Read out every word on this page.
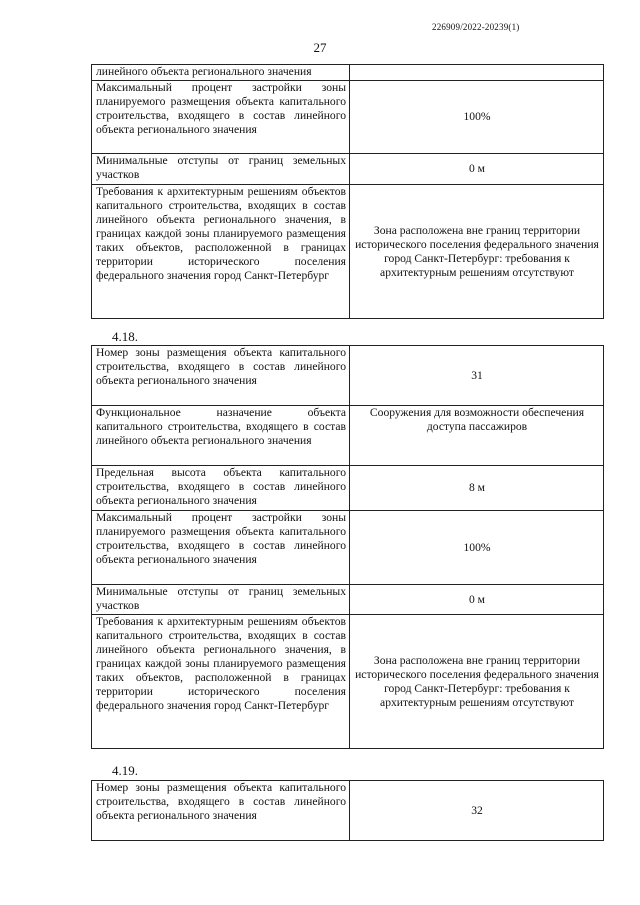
226909/2022-20239(1)
27
линейного объекта регионального значения	
Максимальный процент застройки зоны планируемого размещения объекта капитального строительства, входящего в состав линейного объекта регионального значения	100%
Минимальные отступы от границ земельных участков	0 м
Требования к архитектурным решениям объектов капитального строительства, входящих в состав линейного объекта регионального значения, в границах каждой зоны планируемого размещения таких объектов, расположенной в границах территории исторического поселения федерального значения город Санкт-Петербург	Зона расположена вне границ территории исторического поселения федерального значения город Санкт-Петербург: требования к архитектурным решениям отсутствуют
4.18.
Номер зоны размещения объекта капитального строительства, входящего в состав линейного объекта регионального значения	31
Функциональное назначение объекта капитального строительства, входящего в состав линейного объекта регионального значения	Сооружения для возможности обеспечения доступа пассажиров
Предельная высота объекта капитального строительства, входящего в состав линейного объекта регионального значения	8 м
Максимальный процент застройки зоны планируемого размещения объекта капитального строительства, входящего в состав линейного объекта регионального значения	100%
Минимальные отступы от границ земельных участков	0 м
Требования к архитектурным решениям объектов капитального строительства, входящих в состав линейного объекта регионального значения, в границах каждой зоны планируемого размещения таких объектов, расположенной в границах территории исторического поселения федерального значения город Санкт-Петербург	Зона расположена вне границ территории исторического поселения федерального значения город Санкт-Петербург: требования к архитектурным решениям отсутствуют
4.19.
Номер зоны размещения объекта капитального строительства, входящего в состав линейного объекта регионального значения	32
